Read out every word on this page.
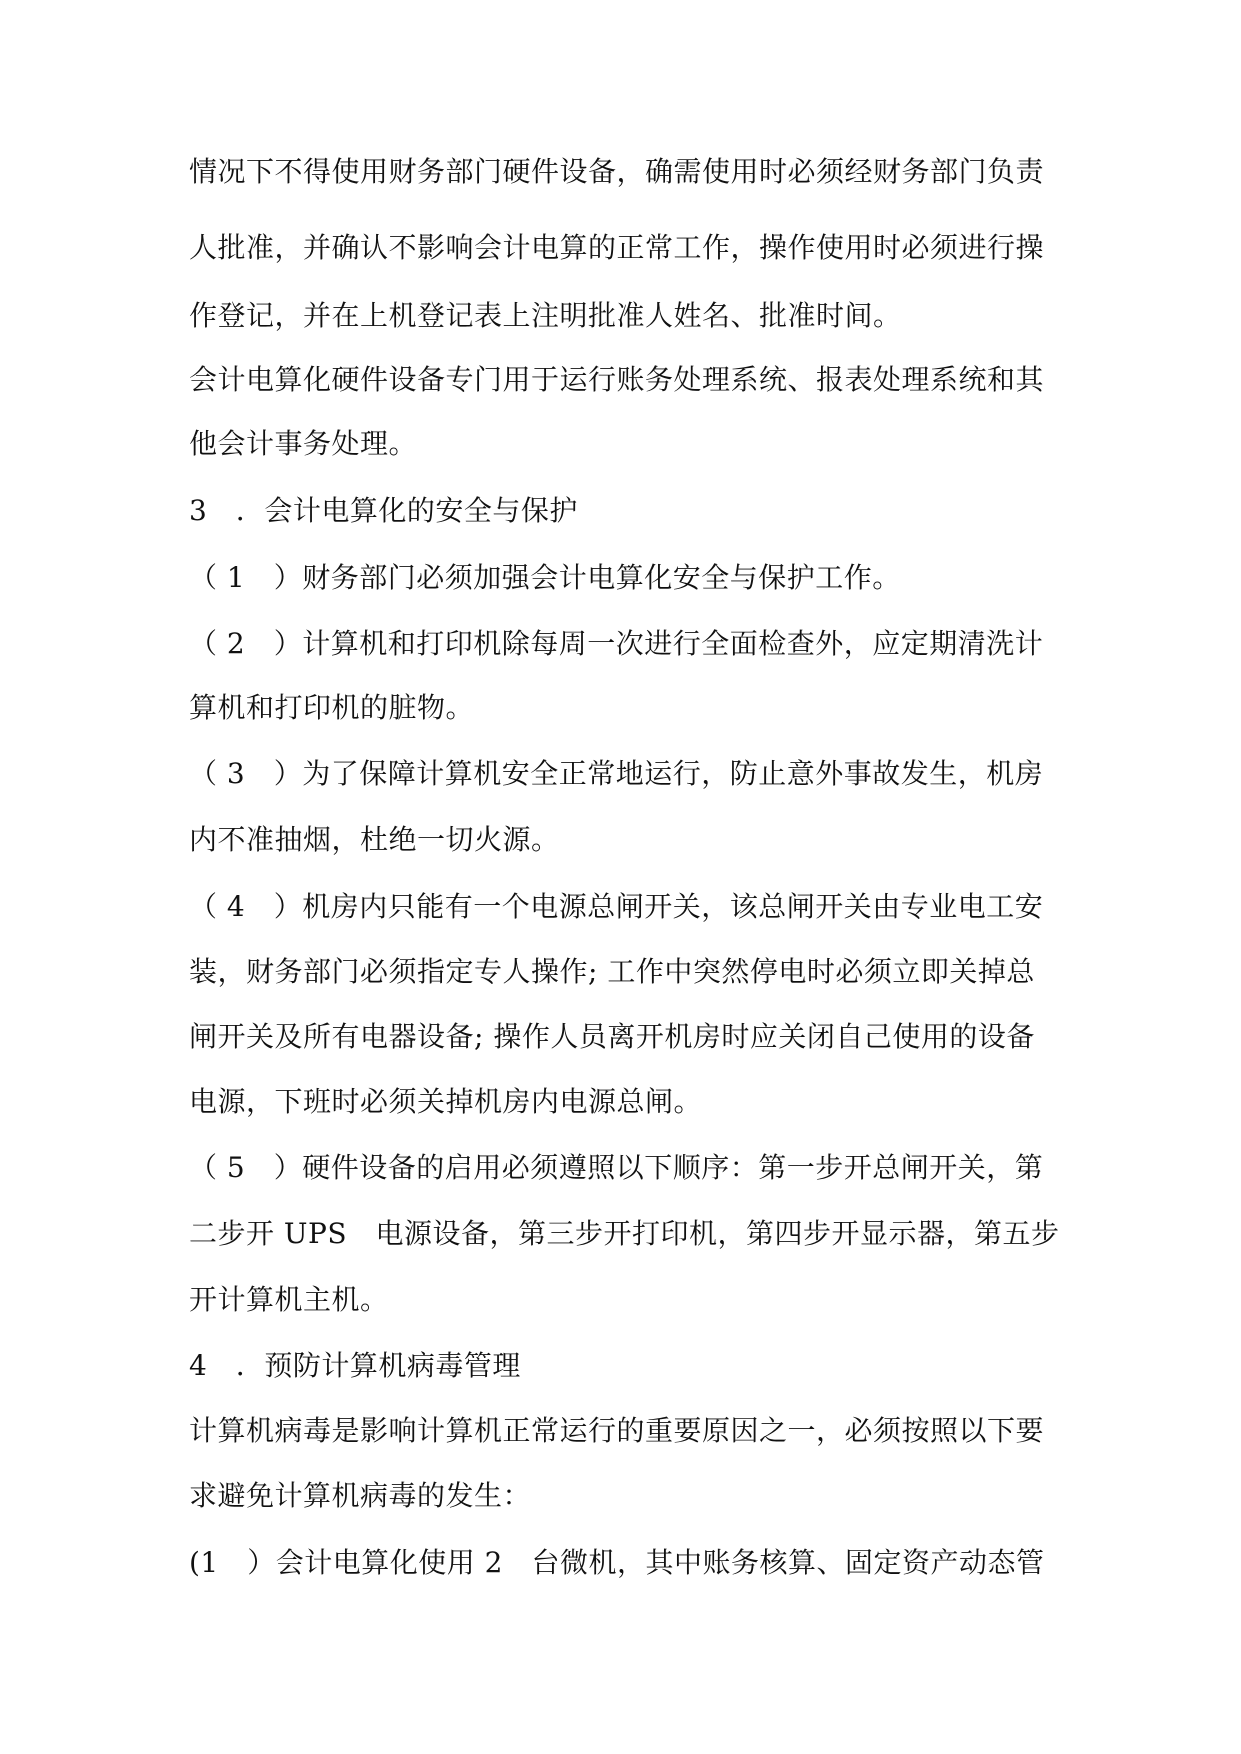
情况下不得使用财务部门硬件设备，确需使用时必须经财务部门负责
人批准，并确认不影响会计电算的正常工作，操作使用时必须进行操
作登记，并在上机登记表上注明批准人姓名、批准时间。
会计电算化硬件设备专门用于运行账务处理系统、报表处理系统和其
他会计事务处理。
3　．会计电算化的安全与保护
（ 1　）财务部门必须加强会计电算化安全与保护工作。
（ 2　）计算机和打印机除每周一次进行全面检查外，应定期清洗计
算机和打印机的脏物。
（ 3　）为了保障计算机安全正常地运行，防止意外事故发生，机房
内不准抽烟，杜绝一切火源。
（ 4　）机房内只能有一个电源总闸开关，该总闸开关由专业电工安
装，财务部门必须指定专人操作; 工作中突然停电时必须立即关掉总
闸开关及所有电器设备; 操作人员离开机房时应关闭自己使用的设备
电源，下班时必须关掉机房内电源总闸。
（ 5　）硬件设备的启用必须遵照以下顺序：第一步开总闸开关，第
二步开 UPS　电源设备，第三步开打印机，第四步开显示器，第五步
开计算机主机。
4　．预防计算机病毒管理
计算机病毒是影响计算机正常运行的重要原因之一，必须按照以下要
求避免计算机病毒的发生：
(1　）会计电算化使用 2　台微机，其中账务核算、固定资产动态管
